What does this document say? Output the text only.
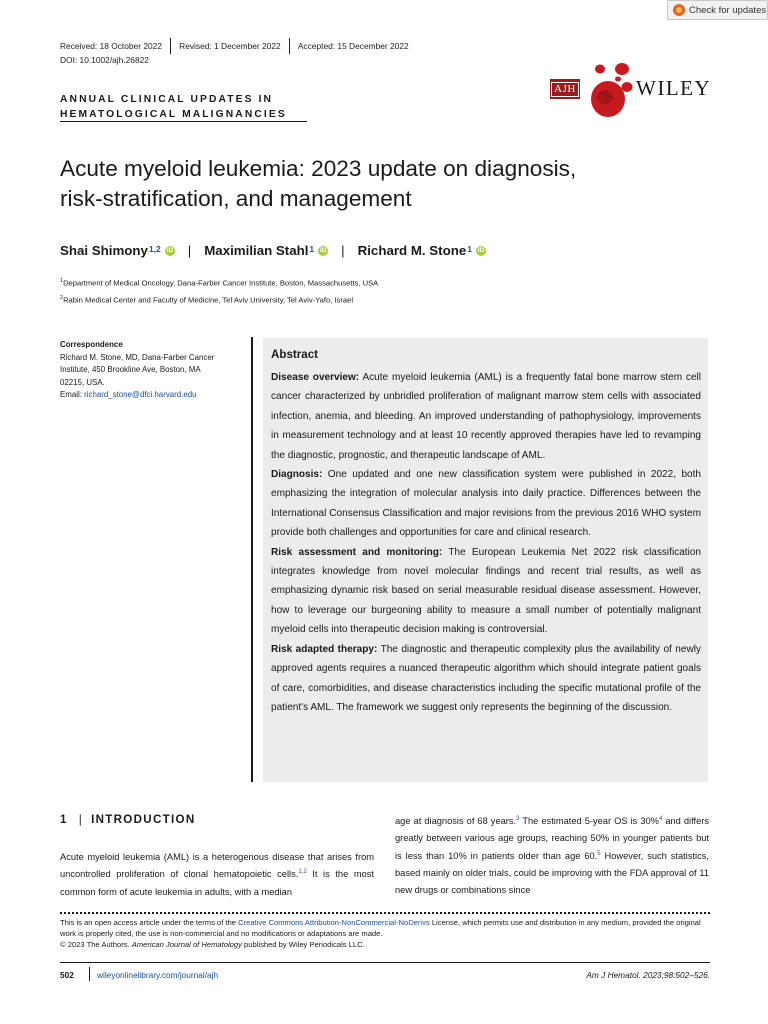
Check for updates
Received: 18 October 2022 Revised: 1 December 2022 Accepted: 15 December 2022
DOI: 10.1002/ajh.26822
ANNUAL CLINICAL UPDATES IN
HEMATOLOGICAL MALIGNANCIES
AJH	WILEY
Acute myeloid leukemia: 2023 update on diagnosis,
risk-stratification, and management
Shai Shimony$^{1,2}$ iD | Maximilian Stahl$^1$ iD | Richard M. Stone$^1$ iD
$^1$Department of Medical Oncology, Dana-Farber Cancer Institute, Boston, Massachusetts, USA
$^2$Rabin Medical Center and Faculty of Medicine, Tel Aviv University, Tel Aviv-Yafo, Israel
Correspondence
Richard M. Stone, MD, Dana-Farber Cancer
Institute, 450 Brookline Ave, Boston, MA
02215, USA.
Email: richard_stone@dfci.harvard.edu
Abstract

Disease overview: Acute myeloid leukemia (AML) is a frequently fatal bone marrow stem cell cancer characterized by unbridled proliferation of malignant marrow stem cells with associated infection, anemia, and bleeding. An improved understanding of pathophysiology, improvements in measurement technology and at least 10 recently approved therapies have led to revamping the diagnostic, prognostic, and therapeutic landscape of AML.

Diagnosis: One updated and one new classification system were published in 2022, both emphasizing the integration of molecular analysis into daily practice. Differences between the International Consensus Classification and major revisions from the previous 2016 WHO system provide both challenges and opportunities for care and clinical research.

Risk assessment and monitoring: The European Leukemia Net 2022 risk classification integrates knowledge from novel molecular findings and recent trial results, as well as emphasizing dynamic risk based on serial measurable residual disease assessment. However, how to leverage our burgeoning ability to measure a small number of potentially malignant myeloid cells into therapeutic decision making is controversial.

Risk adapted therapy: The diagnostic and therapeutic complexity plus the availability of newly approved agents requires a nuanced therapeutic algorithm which should integrate patient goals of care, comorbidities, and disease characteristics including the specific mutational profile of the patient's AML. The framework we suggest only represents the beginning of the discussion.

1 | INTRODUCTION
Acute myeloid leukemia (AML) is a heterogenous disease that arises from uncontrolled proliferation of clonal hematopoietic cells.$^{1,2}$ It is the most common form of acute leukemia in adults, with a median
age at diagnosis of 68 years.$^3$ The estimated 5-year OS is 30%$^4$ and differs greatly between various age groups, reaching 50% in younger patients but is less than 10% in patients older than age 60.$^5$ However, such statistics, based mainly on older trials, could be improving with the FDA approval of 11 new drugs or combinations since
This is an open access article under the terms of the Creative Commons Attribution-NonCommercial-NoDerivs License, which permits use and distribution in any medium, provided the original work is properly cited, the use is non-commercial and no modifications or adaptations are made.
© 2023 The Authors. American Journal of Hematology published by Wiley Periodicals LLC.
502	wileyonlinelibrary.com/journal/ajh	Am J Hematol. 2023;98:502–526.
